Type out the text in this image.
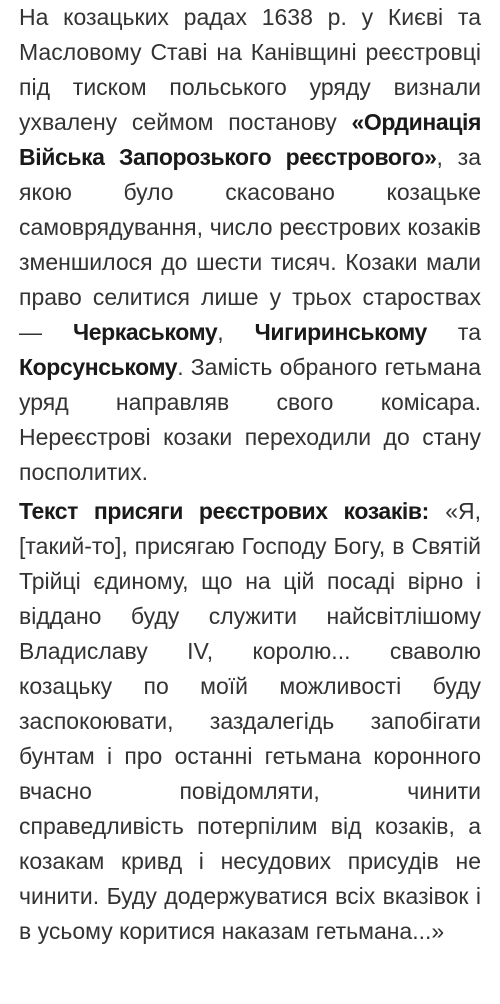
На козацьких радах 1638 р. у Києві та Масловому Ставі на Канівщині реєстровці під тиском польського уряду визнали ухвалену сеймом постанову «Ординація Війська Запорозького реєстрового», за якою було скасовано козацьке самоврядування, число реєстрових козаків зменшилося до шести тисяч. Козаки мали право селитися лише у трьох староствах — Черкаському, Чигиринському та Корсунському. Замість обраного гетьмана уряд направляв свого комісара. Нереєстрові козаки переходили до стану посполитих.

Текст присяги реєстрових козаків: «Я, [такий-то], присягаю Господу Богу, в Святій Трійці єдиному, що на цій посаді вірно і віддано буду служити найсвітлішому Владиславу IV, королю... сваволю козацьку по моїй можливості буду заспокоювати, заздалегідь запобігати бунтам і про останні гетьмана коронного вчасно повідомляти, чинити справедливість потерпілим від козаків, а козакам кривд і несудових присудів не чинити. Буду додержуватися всіх вказівок і в усьому коритися наказам гетьмана...»
